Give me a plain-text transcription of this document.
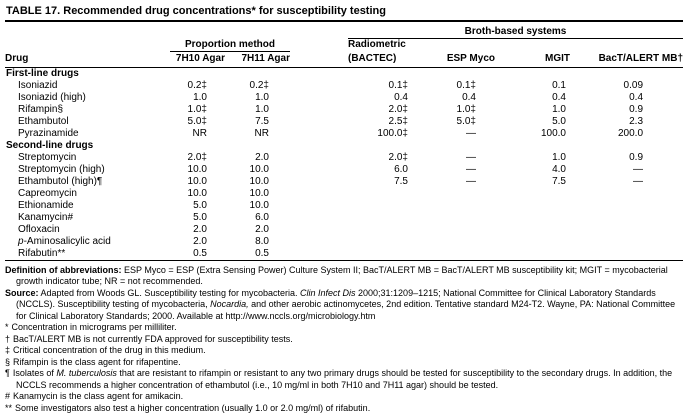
TABLE 17. Recommended drug concentrations* for susceptibility testing
				Broth-based systems			
	Proportion method			Radiometric			
Drug	7H10 Agar	7H11 Agar		(BACTEC)	ESP Myco	MGIT	BacT/ALERT MB†
First-line drugs							
Isoniazid	0.2‡	0.2‡		0.1‡	0.1‡	0.1	0.09
Isoniazid (high)	1.0	1.0		0.4	0.4	0.4	0.4
Rifampin§	1.0‡	1.0		2.0‡	1.0‡	1.0	0.9
Ethambutol	5.0‡	7.5		2.5‡	5.0‡	5.0	2.3
Pyrazinamide	NR	NR		100.0‡	—	100.0	200.0
Second-line drugs							
Streptomycin	2.0‡	2.0		2.0‡	—	1.0	0.9
Streptomycin (high)	10.0	10.0		6.0	—	4.0	—
Ethambutol (high)¶	10.0	10.0		7.5	—	7.5	—
Capreomycin	10.0	10.0					
Ethionamide	5.0	10.0					
Kanamycin#	5.0	6.0					
Ofloxacin	2.0	2.0					
p-Aminosalicylic acid	2.0	8.0					
Rifabutin**	0.5	0.5					
Definition of abbreviations: ESP Myco = ESP (Extra Sensing Power) Culture System II; BacT/ALERT MB = BacT/ALERT MB susceptibility kit; MGIT = mycobacterial growth indicator tube; NR = not recommended.
Source: Adapted from Woods GL. Susceptibility testing for mycobacteria. Clin Infect Dis 2000;31:1209–1215; National Committee for Clinical Laboratory Standards (NCCLS). Susceptibility testing of mycobacteria, Nocardia, and other aerobic actinomycetes, 2nd edition. Tentative standard M24-T2. Wayne, PA: National Committee for Clinical Laboratory Standards; 2000. Available at http://www.nccls.org/microbiology.htm
* Concentration in micrograms per milliliter.
† BacT/ALERT MB is not currently FDA approved for susceptibility tests.
‡ Critical concentration of the drug in this medium.
§ Rifampin is the class agent for rifapentine.
¶ Isolates of M. tuberculosis that are resistant to rifampin or resistant to any two primary drugs should be tested for susceptibility to the secondary drugs. In addition, the NCCLS recommends a higher concentration of ethambutol (i.e., 10 mg/ml in both 7H10 and 7H11 agar) should be tested.
# Kanamycin is the class agent for amikacin.
** Some investigators also test a higher concentration (usually 1.0 or 2.0 mg/ml) of rifabutin.
